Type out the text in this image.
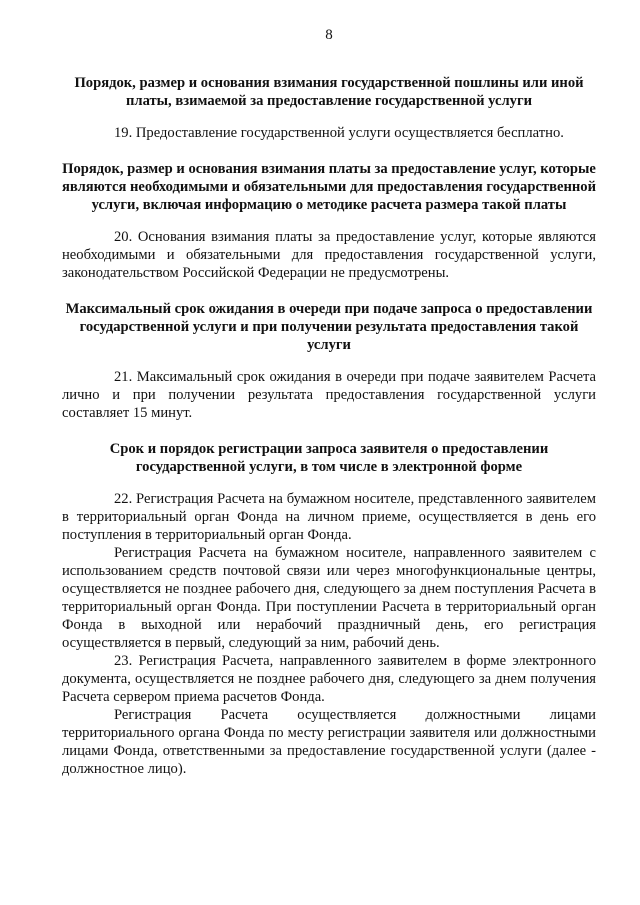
8
Порядок, размер и основания взимания государственной пошлины или иной платы, взимаемой за предоставление государственной услуги

19. Предоставление государственной услуги осуществляется бесплатно.

Порядок, размер и основания взимания платы за предоставление услуг, которые являются необходимыми и обязательными для предоставления государственной услуги, включая информацию о методике расчета размера такой платы

20. Основания взимания платы за предоставление услуг, которые являются необходимыми и обязательными для предоставления государственной услуги, законодательством Российской Федерации не предусмотрены.

Максимальный срок ожидания в очереди при подаче запроса о предоставлении государственной услуги и при получении результата предоставления такой услуги

21. Максимальный срок ожидания в очереди при подаче заявителем Расчета лично и при получении результата предоставления государственной услуги составляет 15 минут.

Срок и порядок регистрации запроса заявителя о предоставлении государственной услуги, в том числе в электронной форме

22. Регистрация Расчета на бумажном носителе, представленного заявителем в территориальный орган Фонда на личном приеме, осуществляется в день его поступления в территориальный орган Фонда.

Регистрация Расчета на бумажном носителе, направленного заявителем с использованием средств почтовой связи или через многофункциональные центры, осуществляется не позднее рабочего дня, следующего за днем поступления Расчета в территориальный орган Фонда. При поступлении Расчета в территориальный орган Фонда в выходной или нерабочий праздничный день, его регистрация осуществляется в первый, следующий за ним, рабочий день.

23. Регистрация Расчета, направленного заявителем в форме электронного документа, осуществляется не позднее рабочего дня, следующего за днем получения Расчета сервером приема расчетов Фонда.

Регистрация Расчета осуществляется должностными лицами территориального органа Фонда по месту регистрации заявителя или должностными лицами Фонда, ответственными за предоставление государственной услуги (далее - должностное лицо).
